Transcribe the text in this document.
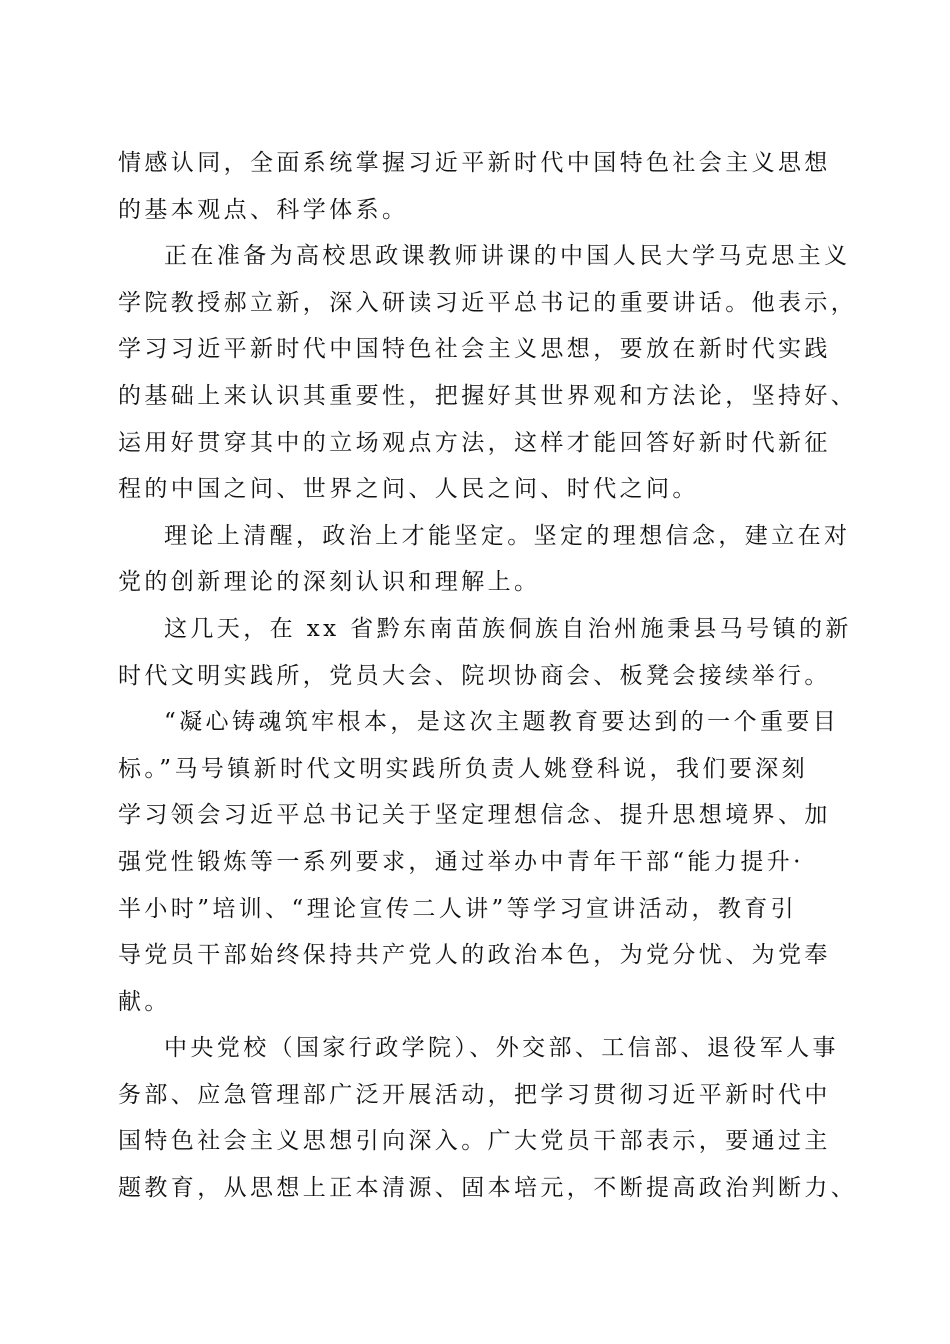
情感认同，全面系统掌握习近平新时代中国特色社会主义思想
的基本观点、科学体系。
正在准备为高校思政课教师讲课的中国人民大学马克思主义
学院教授郝立新，深入研读习近平总书记的重要讲话。他表示，
学习习近平新时代中国特色社会主义思想，要放在新时代实践
的基础上来认识其重要性，把握好其世界观和方法论，坚持好、
运用好贯穿其中的立场观点方法，这样才能回答好新时代新征
程的中国之问、世界之问、人民之问、时代之问。
理论上清醒，政治上才能坚定。坚定的理想信念，建立在对
党的创新理论的深刻认识和理解上。
这几天，在 xx 省黔东南苗族侗族自治州施秉县马号镇的新
时代文明实践所，党员大会、院坝协商会、板凳会接续举行。
“凝心铸魂筑牢根本，是这次主题教育要达到的一个重要目
标。”马号镇新时代文明实践所负责人姚登科说，我们要深刻
学习领会习近平总书记关于坚定理想信念、提升思想境界、加
强党性锻炼等一系列要求，通过举办中青年干部“能力提升·
半小时”培训、“理论宣传二人讲”等学习宣讲活动，教育引
导党员干部始终保持共产党人的政治本色，为党分忧、为党奉
献。
中央党校（国家行政学院）、外交部、工信部、退役军人事
务部、应急管理部广泛开展活动，把学习贯彻习近平新时代中
国特色社会主义思想引向深入。广大党员干部表示，要通过主
题教育，从思想上正本清源、固本培元，不断提高政治判断力、
